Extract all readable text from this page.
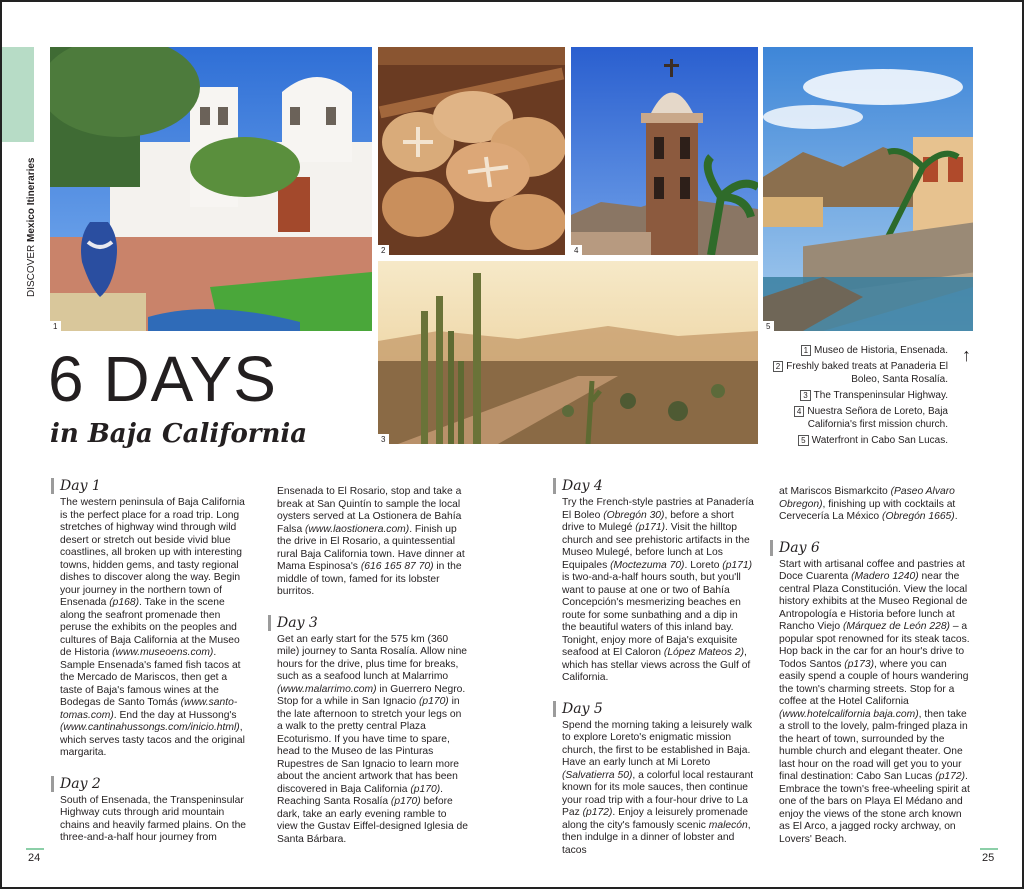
DISCOVER Mexico Itineraries
1
2	4
5
3
6 DAYS
in Baja California
1 Museo de Historia, Ensenada.
2 Freshly baked treats at Panaderia El Boleo, Santa Rosalía.
3 The Transpeninsular Highway.
4 Nuestra Señora de Loreto, Baja California's first mission church.
5 Waterfront in Cabo San Lucas.
↑
Day 1

The western peninsula of Baja California is the perfect place for a road trip. Long stretches of highway wind through wild desert or stretch out beside vivid blue coastlines, all broken up with interesting towns, hidden gems, and tasty regional dishes to discover along the way. Begin your journey in the northern town of Ensenada (p168). Take in the scene along the seafront promenade then peruse the exhibits on the peoples and cultures of Baja California at the Museo de Historia (www.museoens.com). Sample Ensenada's famed fish tacos at the Mercado de Mariscos, then get a taste of Baja's famous wines at the Bodegas de Santo Tomás (www.santo-tomas.com). End the day at Hussong's (www.cantinahussongs.com/inicio.html), which serves tasty tacos and the original margarita.

Day 2

South of Ensenada, the Transpeninsular Highway cuts through arid mountain chains and heavily farmed plains. On the three-and-a-half hour journey from

Ensenada to El Rosario, stop and take a break at San Quintín to sample the local oysters served at La Ostionera de Bahía Falsa (www.laostionera.com). Finish up the drive in El Rosario, a quintessential rural Baja California town. Have dinner at Mama Espinosa's (616 165 87 70) in the middle of town, famed for its lobster burritos.

Day 3

Get an early start for the 575 km (360 mile) journey to Santa Rosalía. Allow nine hours for the drive, plus time for breaks, such as a seafood lunch at Malarrimo (www.malarrimo.com) in Guerrero Negro. Stop for a while in San Ignacio (p170) in the late afternoon to stretch your legs on a walk to the pretty central Plaza Ecoturismo. If you have time to spare, head to the Museo de las Pinturas Rupestres de San Ignacio to learn more about the ancient artwork that has been discovered in Baja California (p170). Reaching Santa Rosalía (p170) before dark, take an early evening ramble to view the Gustav Eiffel-designed Iglesia de Santa Bárbara.

Day 4

Try the French-style pastries at Panadería El Boleo (Obregón 30), before a short drive to Mulegé (p171). Visit the hilltop church and see prehistoric artifacts in the Museo Mulegé, before lunch at Los Equipales (Moctezuma 70). Loreto (p171) is two-and-a-half hours south, but you'll want to pause at one or two of Bahía Concepción's mesmerizing beaches en route for some sunbathing and a dip in the beautiful waters of this inland bay. Tonight, enjoy more of Baja's exquisite seafood at El Caloron (López Mateos 2), which has stellar views across the Gulf of California.

Day 5

Spend the morning taking a leisurely walk to explore Loreto's enigmatic mission church, the first to be established in Baja. Have an early lunch at Mi Loreto (Salvatierra 50), a colorful local restaurant known for its mole sauces, then continue your road trip with a four-hour drive to La Paz (p172). Enjoy a leisurely promenade along the city's famously scenic malecón, then indulge in a dinner of lobster and tacos

at Mariscos Bismarkcito (Paseo Alvaro Obregon), finishing up with cocktails at Cervecería La México (Obregón 1665).

Day 6

Start with artisanal coffee and pastries at Doce Cuarenta (Madero 1240) near the central Plaza Constitución. View the local history exhibits at the Museo Regional de Antropología e Historia before lunch at Rancho Viejo (Márquez de León 228) – a popular spot renowned for its steak tacos. Hop back in the car for an hour's drive to Todos Santos (p173), where you can easily spend a couple of hours wandering the town's charming streets. Stop for a coffee at the Hotel California (www.hotelcalifornia baja.com), then take a stroll to the lovely, palm-fringed plaza in the heart of town, surrounded by the humble church and elegant theater. One last hour on the road will get you to your final destination: Cabo San Lucas (p172). Embrace the town's free-wheeling spirit at one of the bars on Playa El Médano and enjoy the views of the stone arch known as El Arco, a jagged rocky archway, on Lovers' Beach.

24	25
